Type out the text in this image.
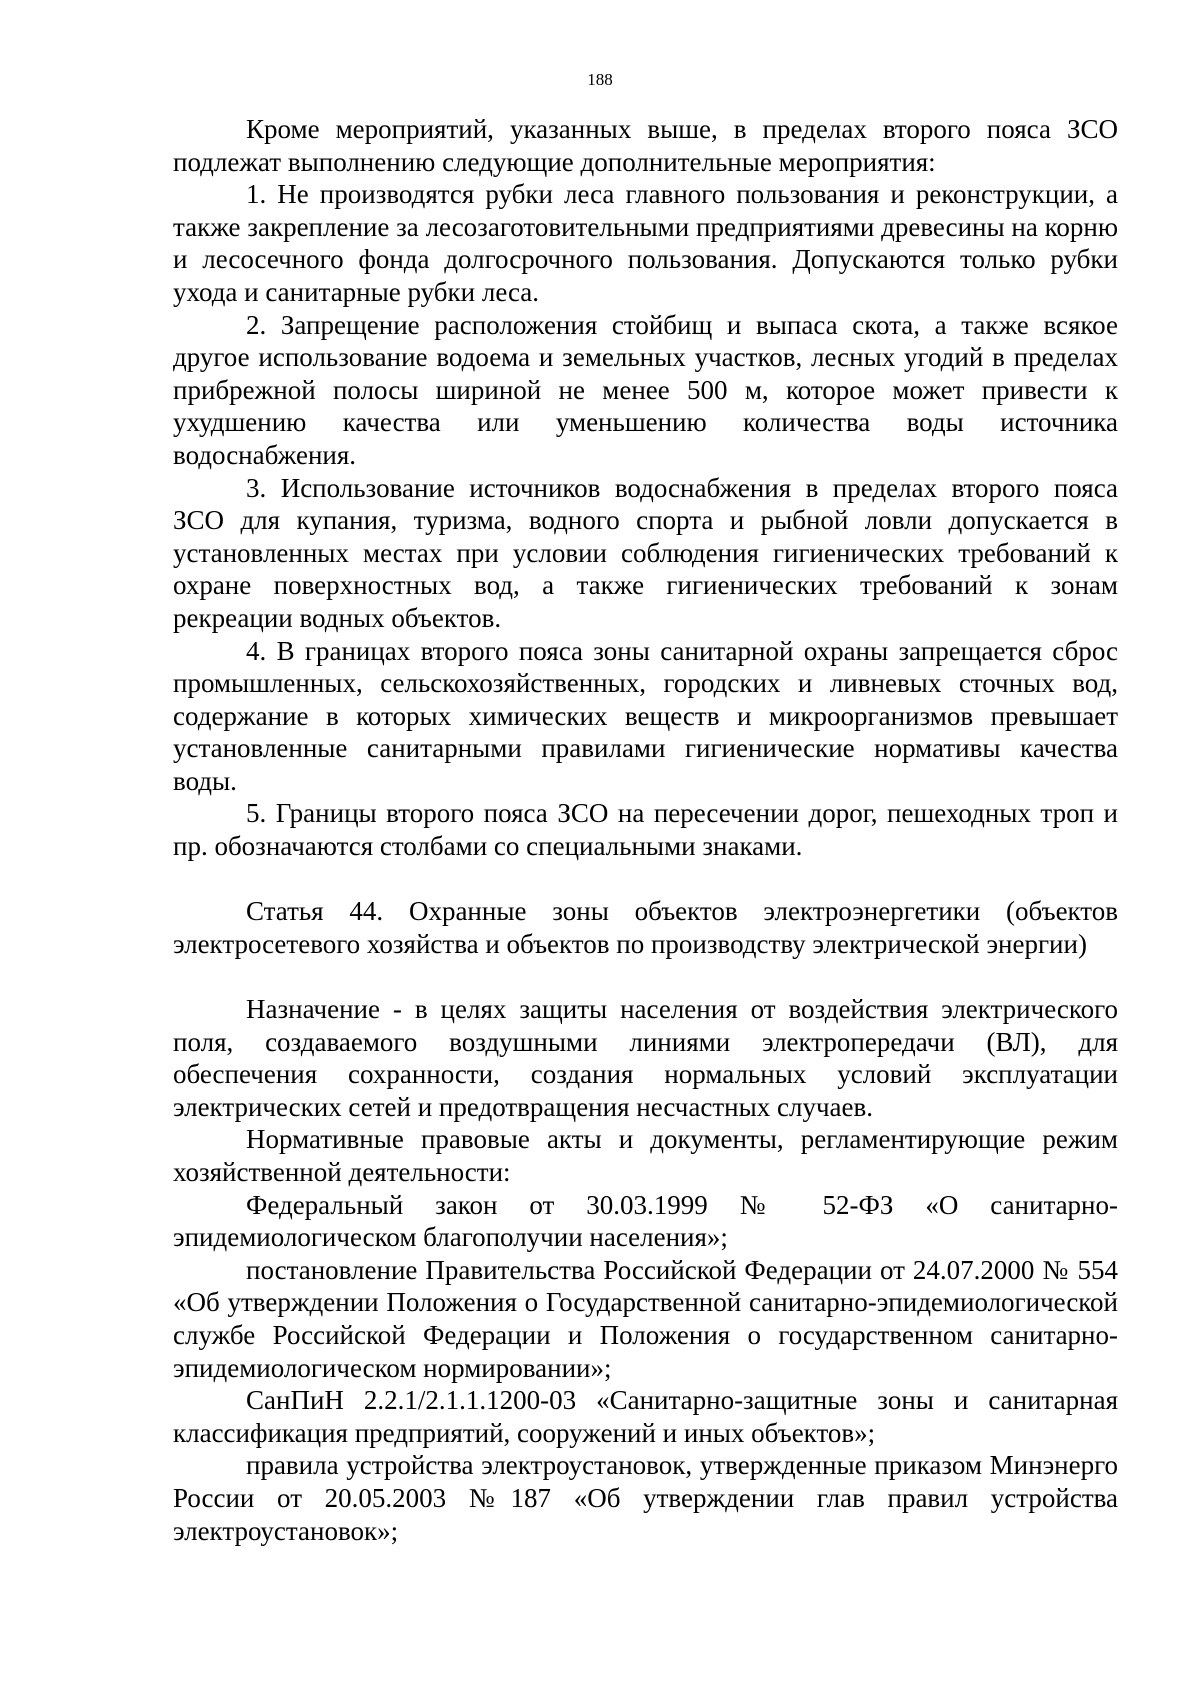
188

Кроме мероприятий, указанных выше, в пределах второго пояса ЗСО подлежат выполнению следующие дополнительные мероприятия:

1. Не производятся рубки леса главного пользования и реконструкции, а также закрепление за лесозаготовительными предприятиями древесины на корню и лесосечного фонда долгосрочного пользования. Допускаются только рубки ухода и санитарные рубки леса.

2. Запрещение расположения стойбищ и выпаса скота, а также всякое другое использование водоема и земельных участков, лесных угодий в пределах прибрежной полосы шириной не менее 500 м, которое может привести к ухудшению качества или уменьшению количества воды источника водоснабжения.

3. Использование источников водоснабжения в пределах второго пояса ЗСО для купания, туризма, водного спорта и рыбной ловли допускается в установленных местах при условии соблюдения гигиенических требований к охране поверхностных вод, а также гигиенических требований к зонам рекреации водных объектов.

4. В границах второго пояса зоны санитарной охраны запрещается сброс промышленных, сельскохозяйственных, городских и ливневых сточных вод, содержание в которых химических веществ и микроорганизмов превышает установленные санитарными правилами гигиенические нормативы качества воды.

5. Границы второго пояса ЗСО на пересечении дорог, пешеходных троп и пр. обозначаются столбами со специальными знаками.

Статья 44. Охранные зоны объектов электроэнергетики (объектов электросетевого хозяйства и объектов по производству электрической энергии)

Назначение - в целях защиты населения от воздействия электрического поля, создаваемого воздушными линиями электропередачи (ВЛ), для обеспечения сохранности, создания нормальных условий эксплуатации электрических сетей и предотвращения несчастных случаев.

Нормативные правовые акты и документы, регламентирующие режим хозяйственной деятельности:

Федеральный закон от 30.03.1999 № 52-ФЗ «О санитарно-эпидемиологическом благополучии населения»;

постановление Правительства Российской Федерации от 24.07.2000 № 554 «Об утверждении Положения о Государственной санитарно-эпидемиологической службе Российской Федерации и Положения о государственном санитарно-эпидемиологическом нормировании»;

СанПиН 2.2.1/2.1.1.1200-03 «Санитарно-защитные зоны и санитарная классификация предприятий, сооружений и иных объектов»;

правила устройства электроустановок, утвержденные приказом Минэнерго России от 20.05.2003 №187 «Об утверждении глав правил устройства электроустановок»;
